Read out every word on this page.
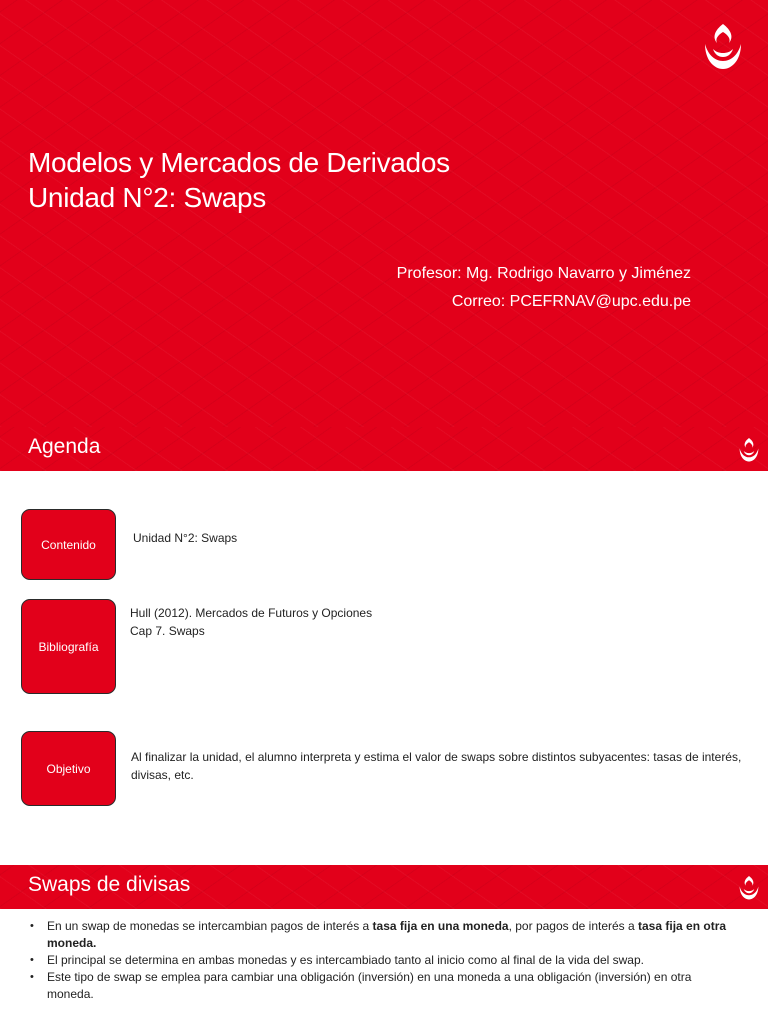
Modelos y Mercados de Derivados
Unidad N°2: Swaps
Profesor: Mg. Rodrigo Navarro y Jiménez
Correo: PCEFRNAV@upc.edu.pe
Agenda
Contenido	Unidad N°2: Swaps
Bibliografía
Hull (2012). Mercados de Futuros y Opciones
Cap 7. Swaps
Objetivo
Al finalizar la unidad, el alumno interpreta y estima el valor de swaps sobre distintos subyacentes: tasas de interés, divisas, etc.
Swaps de divisas
• En un swap de monedas se intercambian pagos de interés a tasa fija en una moneda, por pagos de interés a tasa fija en otra moneda.
• El principal se determina en ambas monedas y es intercambiado tanto al inicio como al final de la vida del swap.
• Este tipo de swap se emplea para cambiar una obligación (inversión) en una moneda a una obligación (inversión) en otra moneda.
